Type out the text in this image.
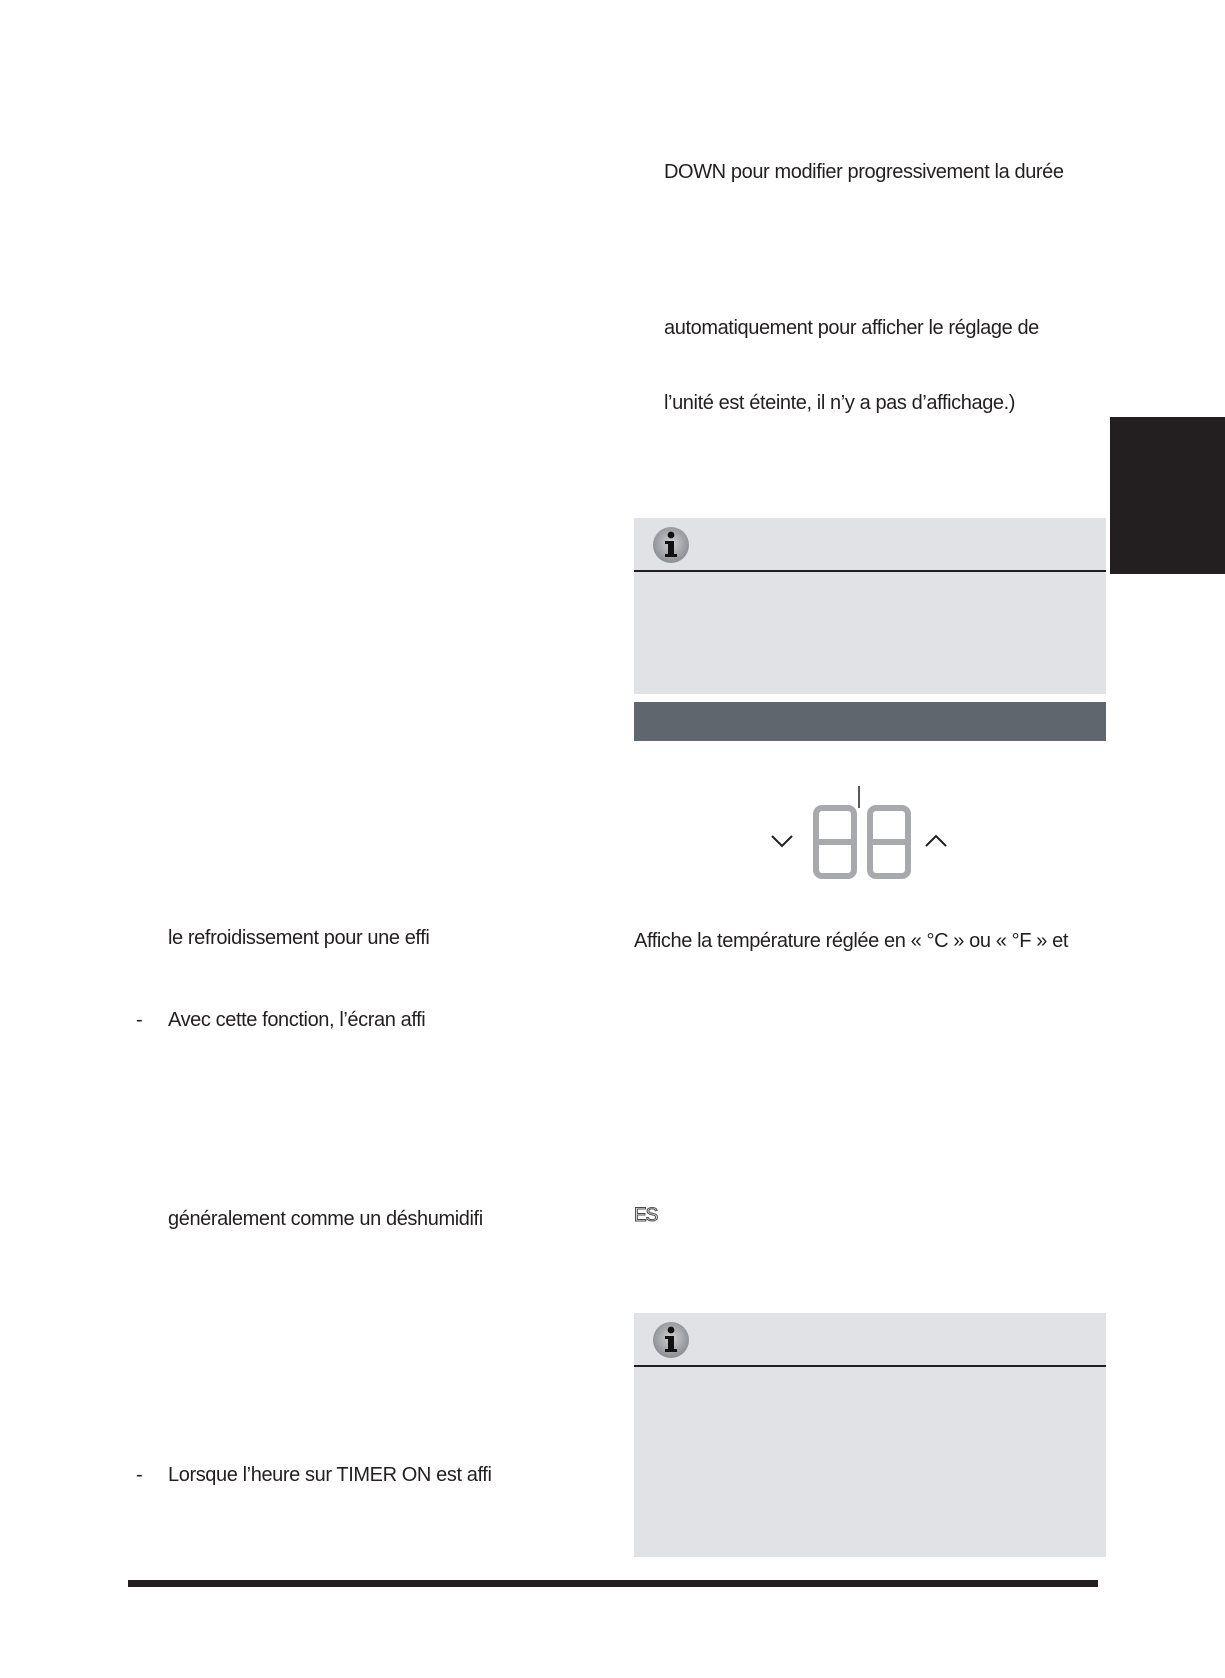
DOWN pour modifier progressivement la durée
automatiquement pour afficher le réglage de
l’unité est éteinte, il n’y a pas d’affichage.)
Affiche la température réglée en « °C » ou « °F » et
ES
le refroidissement pour une effi
- Avec cette fonction, l’écran affi
généralement comme un déshumidifi
- Lorsque l’heure sur TIMER ON est affi
